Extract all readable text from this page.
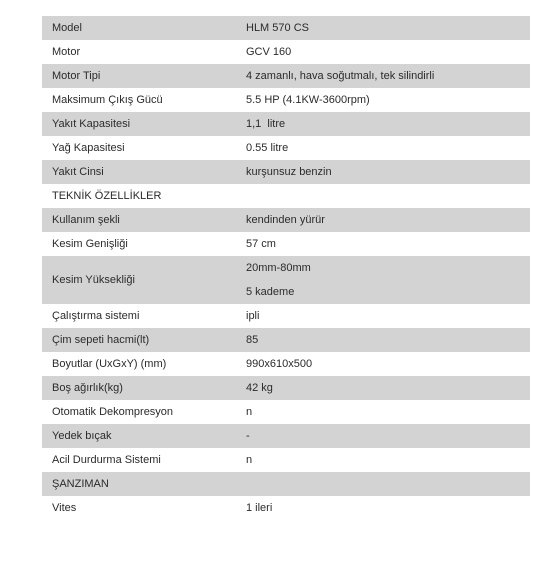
Model	HLM 570 CS
Motor	GCV 160
Motor Tipi	4 zamanlı, hava soğutmalı, tek silindirli
Maksimum Çıkış Gücü	5.5 HP (4.1KW-3600rpm)
Yakıt Kapasitesi	1,1  litre
Yağ Kapasitesi	0.55 litre
Yakıt Cinsi	kurşunsuz benzin
TEKNİK ÖZELLİKLER	
Kullanım şekli	kendinden yürür
Kesim Genişliği	57 cm
Kesim Yüksekliği	20mm-80mm
5 kademe

Çalıştırma sistemi	ipli
Çim sepeti hacmi(lt)	85
Boyutlar (UxGxY) (mm)	990x610x500
Boş ağırlık(kg)	42 kg
Otomatik Dekompresyon	n
Yedek bıçak	-
Acil Durdurma Sistemi	n
ŞANZIMAN	
Vites	1 ileri
